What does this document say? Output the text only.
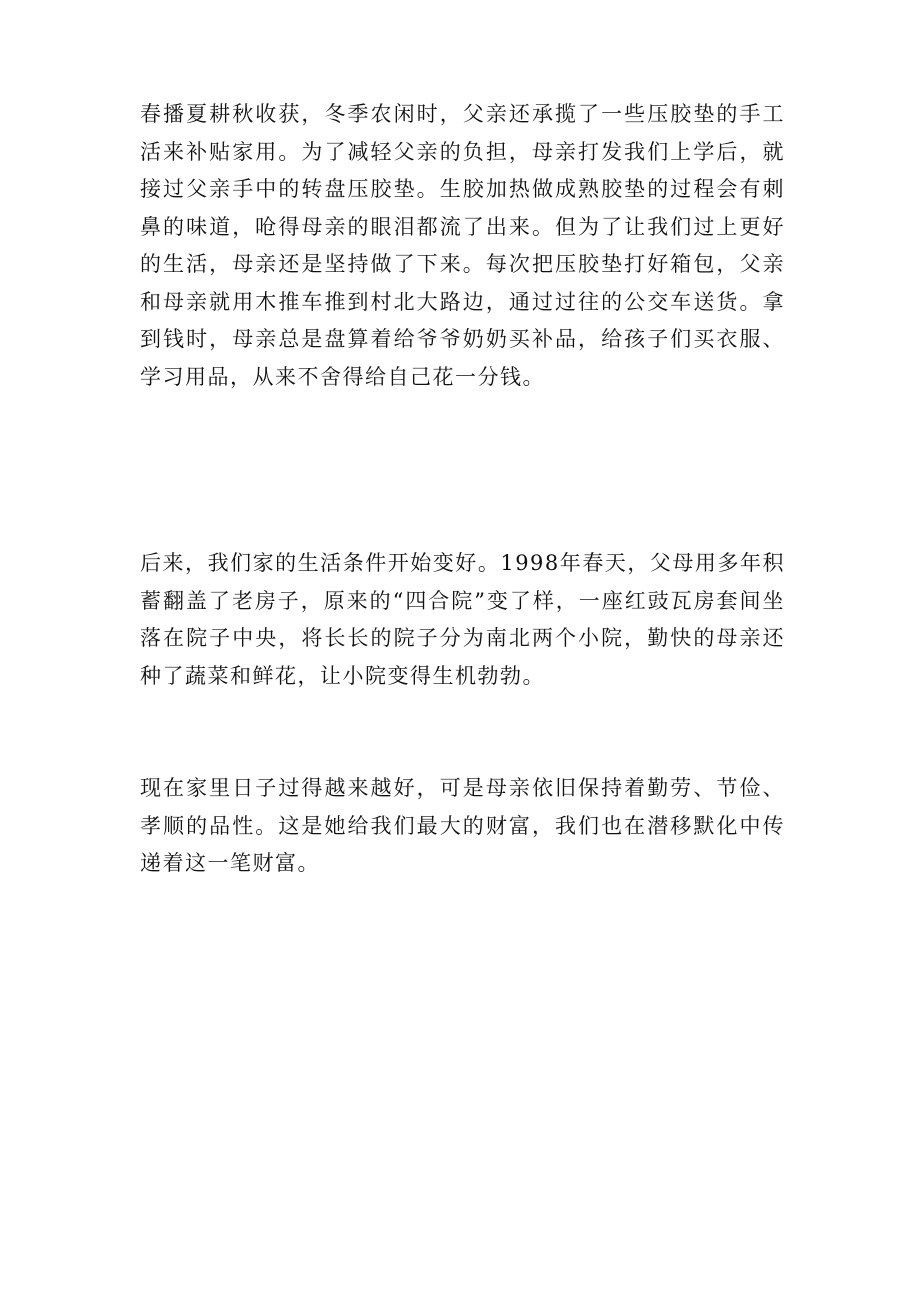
春播夏耕秋收获，冬季农闲时，父亲还承揽了一些压胶垫的手工活来补贴家用。为了减轻父亲的负担，母亲打发我们上学后，就接过父亲手中的转盘压胶垫。生胶加热做成熟胶垫的过程会有刺鼻的味道，呛得母亲的眼泪都流了出来。但为了让我们过上更好的生活，母亲还是坚持做了下来。每次把压胶垫打好箱包，父亲和母亲就用木推车推到村北大路边，通过过往的公交车送货。拿到钱时，母亲总是盘算着给爷爷奶奶买补品，给孩子们买衣服、学习用品，从来不舍得给自己花一分钱。

后来，我们家的生活条件开始变好。1998年春天，父母用多年积蓄翻盖了老房子，原来的“四合院”变了样，一座红豉瓦房套间坐落在院子中央，将长长的院子分为南北两个小院，勤快的母亲还种了蔬菜和鲜花，让小院变得生机勃勃。

现在家里日子过得越来越好，可是母亲依旧保持着勤劳、节俭、孝顺的品性。这是她给我们最大的财富，我们也在潜移默化中传递着这一笔财富。
